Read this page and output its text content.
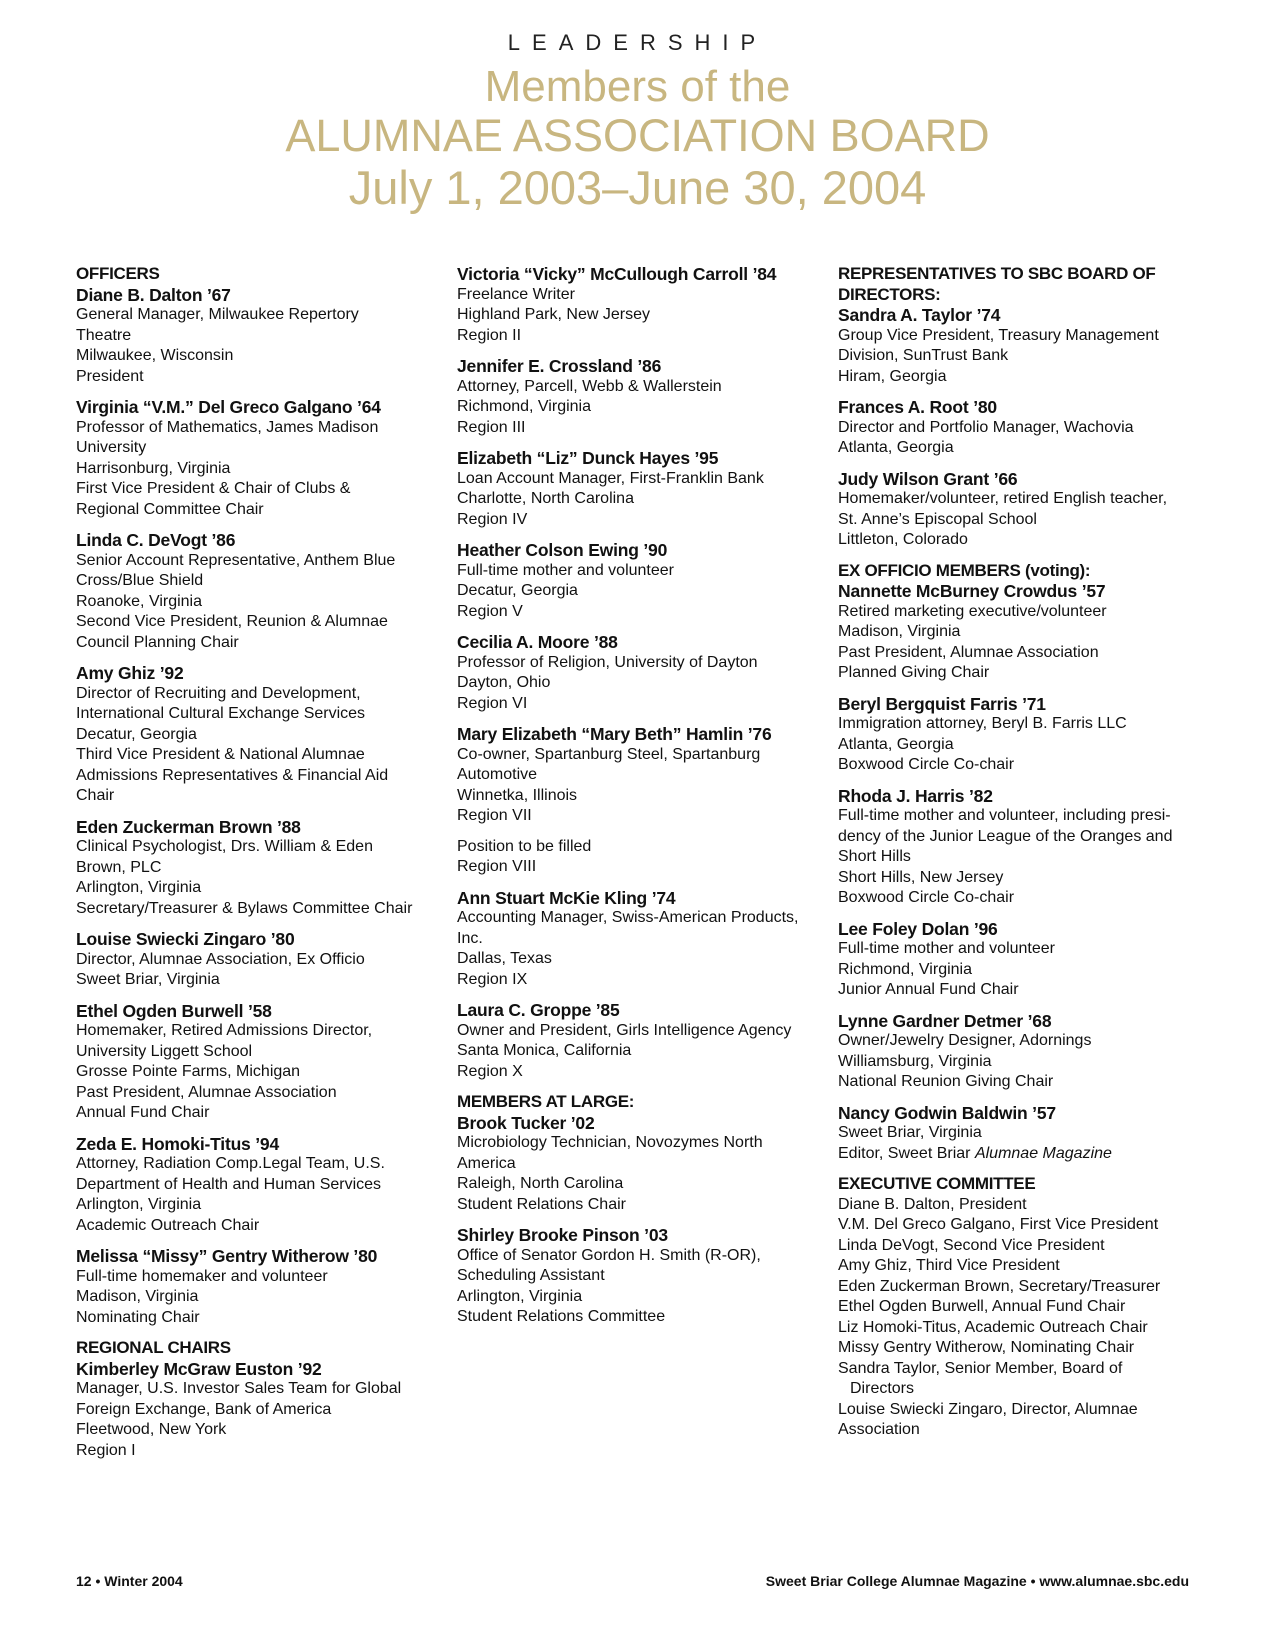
LEADERSHIP
Members of the
ALUMNAE ASSOCIATION BOARD
July 1, 2003–June 30, 2004
OFFICERS
Diane B. Dalton ’67
General Manager, Milwaukee Repertory
Theatre
Milwaukee, Wisconsin
President
Virginia “V.M.” Del Greco Galgano ’64
Professor of Mathematics, James Madison
University
Harrisonburg, Virginia
First Vice President & Chair of Clubs &
Regional Committee Chair
Linda C. DeVogt ’86
Senior Account Representative, Anthem Blue
Cross/Blue Shield
Roanoke, Virginia
Second Vice President, Reunion & Alumnae
Council Planning Chair
Amy Ghiz ’92
Director of Recruiting and Development,
International Cultural Exchange Services
Decatur, Georgia
Third Vice President & National Alumnae
Admissions Representatives & Financial Aid
Chair
Eden Zuckerman Brown ’88
Clinical Psychologist, Drs. William & Eden
Brown, PLC
Arlington, Virginia
Secretary/Treasurer & Bylaws Committee Chair
Louise Swiecki Zingaro ’80
Director, Alumnae Association, Ex Officio
Sweet Briar, Virginia
Ethel Ogden Burwell ’58
Homemaker, Retired Admissions Director,
University Liggett School
Grosse Pointe Farms, Michigan
Past President, Alumnae Association
Annual Fund Chair
Zeda E. Homoki-Titus ’94
Attorney, Radiation Comp.Legal Team, U.S.
Department of Health and Human Services
Arlington, Virginia
Academic Outreach Chair
Melissa “Missy” Gentry Witherow ’80
Full-time homemaker and volunteer
Madison, Virginia
Nominating Chair
REGIONAL CHAIRS
Kimberley McGraw Euston ’92
Manager, U.S. Investor Sales Team for Global
Foreign Exchange, Bank of America
Fleetwood, New York
Region I
Victoria “Vicky” McCullough Carroll ’84
Freelance Writer
Highland Park, New Jersey
Region II
Jennifer E. Crossland ’86
Attorney, Parcell, Webb & Wallerstein
Richmond, Virginia
Region III
Elizabeth “Liz” Dunck Hayes ’95
Loan Account Manager, First-Franklin Bank
Charlotte, North Carolina
Region IV
Heather Colson Ewing ’90
Full-time mother and volunteer
Decatur, Georgia
Region V
Cecilia A. Moore ’88
Professor of Religion, University of Dayton
Dayton, Ohio
Region VI
Mary Elizabeth “Mary Beth” Hamlin ’76
Co-owner, Spartanburg Steel, Spartanburg
Automotive
Winnetka, Illinois
Region VII
Position to be filled
Region VIII
Ann Stuart McKie Kling ’74
Accounting Manager, Swiss-American Products,
Inc.
Dallas, Texas
Region IX
Laura C. Groppe ’85
Owner and President, Girls Intelligence Agency
Santa Monica, California
Region X
MEMBERS AT LARGE:
Brook Tucker ’02
Microbiology Technician, Novozymes North
America
Raleigh, North Carolina
Student Relations Chair
Shirley Brooke Pinson ’03
Office of Senator Gordon H. Smith (R-OR),
Scheduling Assistant
Arlington, Virginia
Student Relations Committee
REPRESENTATIVES TO SBC BOARD OF DIRECTORS:
Sandra A. Taylor ’74
Group Vice President, Treasury Management
Division, SunTrust Bank
Hiram, Georgia
Frances A. Root ’80
Director and Portfolio Manager, Wachovia
Atlanta, Georgia
Judy Wilson Grant ’66
Homemaker/volunteer, retired English teacher,
St. Anne’s Episcopal School
Littleton, Colorado
EX OFFICIO MEMBERS (voting):
Nannette McBurney Crowdus ’57
Retired marketing executive/volunteer
Madison, Virginia
Past President, Alumnae Association
Planned Giving Chair
Beryl Bergquist Farris ’71
Immigration attorney, Beryl B. Farris LLC
Atlanta, Georgia
Boxwood Circle Co-chair
Rhoda J. Harris ’82
Full-time mother and volunteer, including presi-
dency of the Junior League of the Oranges and
Short Hills
Short Hills, New Jersey
Boxwood Circle Co-chair
Lee Foley Dolan ’96
Full-time mother and volunteer
Richmond, Virginia
Junior Annual Fund Chair
Lynne Gardner Detmer ’68
Owner/Jewelry Designer, Adornings
Williamsburg, Virginia
National Reunion Giving Chair
Nancy Godwin Baldwin ’57
Sweet Briar, Virginia
Editor, Sweet Briar Alumnae Magazine
EXECUTIVE COMMITTEE
Diane B. Dalton, President
V.M. Del Greco Galgano, First Vice President
Linda DeVogt, Second Vice President
Amy Ghiz, Third Vice President
Eden Zuckerman Brown, Secretary/Treasurer
Ethel Ogden Burwell, Annual Fund Chair
Liz Homoki-Titus, Academic Outreach Chair
Missy Gentry Witherow, Nominating Chair
Sandra Taylor, Senior Member, Board of
Directors
Louise Swiecki Zingaro, Director, Alumnae
Association
12 • Winter 2004	Sweet Briar College Alumnae Magazine • www.alumnae.sbc.edu
